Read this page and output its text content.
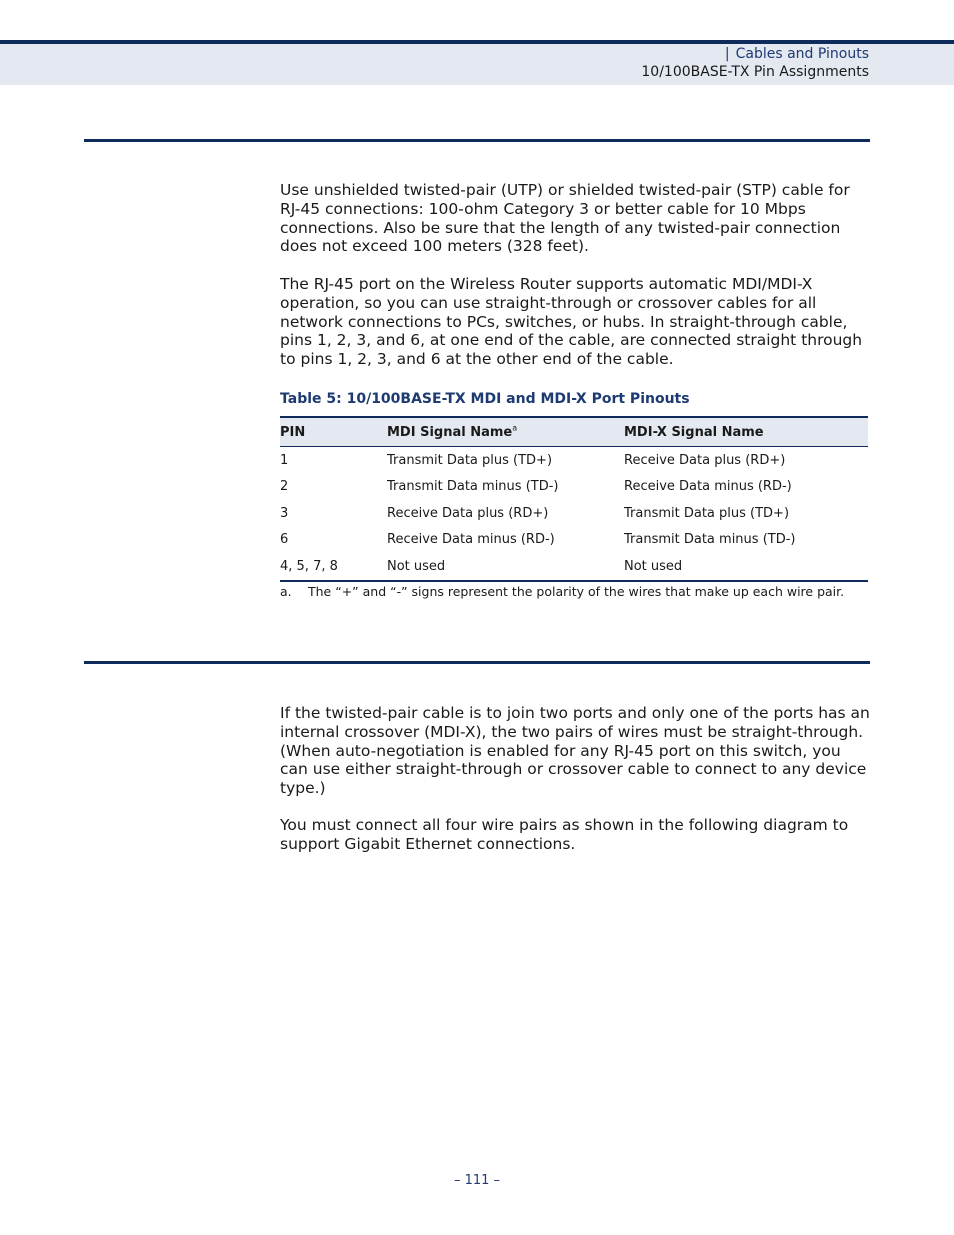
| Cables and Pinouts
10/100BASE-TX Pin Assignments

Use unshielded twisted-pair (UTP) or shielded twisted-pair (STP) cable for RJ-45 connections: 100-ohm Category 3 or better cable for 10 Mbps connections. Also be sure that the length of any twisted-pair connection does not exceed 100 meters (328 feet).

The RJ-45 port on the Wireless Router supports automatic MDI/MDI-X operation, so you can use straight-through or crossover cables for all network connections to PCs, switches, or hubs. In straight-through cable, pins 1, 2, 3, and 6, at one end of the cable, are connected straight through to pins 1, 2, 3, and 6 at the other end of the cable.

Table 5: 10/100BASE-TX MDI and MDI-X Port Pinouts
PIN	MDI Signal Name$^a$	MDI-X Signal Name
1	Transmit Data plus (TD+)	Receive Data plus (RD+)
2	Transmit Data minus (TD-)	Receive Data minus (RD-)
3	Receive Data plus (RD+)	Transmit Data plus (TD+)
6	Receive Data minus (RD-)	Transmit Data minus (TD-)
4, 5, 7, 8	Not used	Not used
a. The “+” and “-” signs represent the polarity of the wires that make up each wire pair.

If the twisted-pair cable is to join two ports and only one of the ports has an internal crossover (MDI-X), the two pairs of wires must be straight-through. (When auto-negotiation is enabled for any RJ-45 port on this switch, you can use either straight-through or crossover cable to connect to any device type.)

You must connect all four wire pairs as shown in the following diagram to support Gigabit Ethernet connections.

– 111 –
